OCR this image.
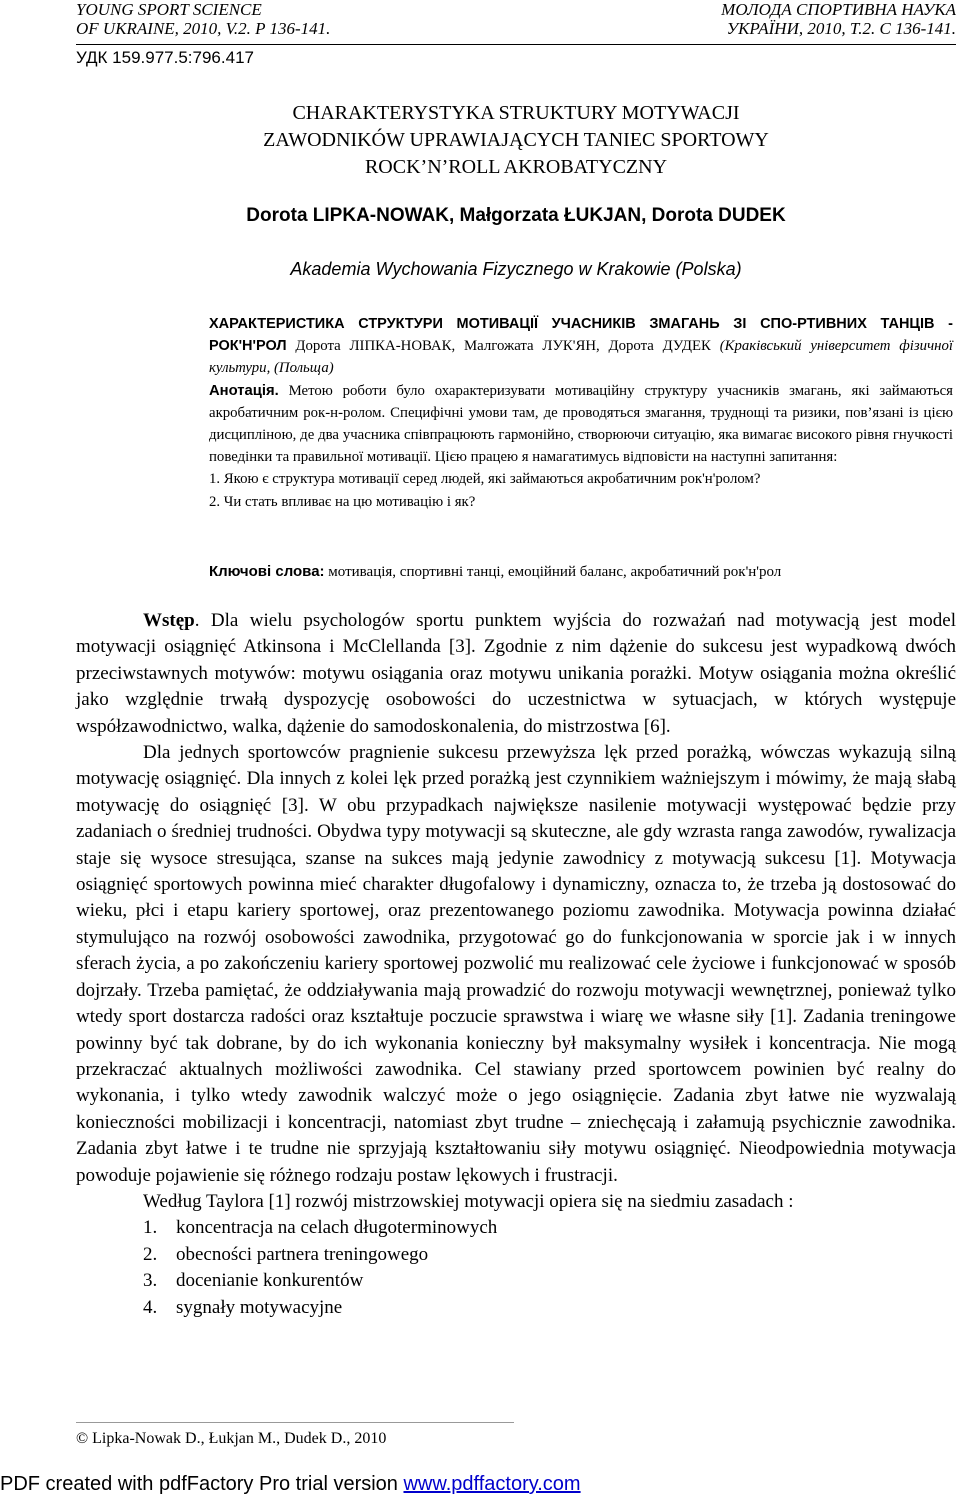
YOUNG SPORT SCIENCE
OF UKRAINE, 2010, V.2. P 136-141.
МОЛОДА СПОРТИВНА НАУКА
УКРАЇНИ, 2010, Т.2. С 136-141.
УДК 159.977.5:796.417
CHARAKTERYSTYKA STRUKTURY MOTYWACJI
ZAWODNIKÓW UPRAWIAJĄCYCH TANIEC SPORTOWY
ROCK’N’ROLL AKROBATYCZNY
Dorota LIPKA-NOWAK, Małgorzata ŁUKJAN, Dorota DUDEK
Akademia Wychowania Fizycznego w Krakowie (Polska)

ХАРАКТЕРИСТИКА СТРУКТУРИ МОТИВАЦІЇ УЧАСНИКІВ ЗМАГАНЬ ЗІ СПО-РТИВНИХ ТАНЦІВ - РОК'Н'РОЛ Дорота ЛІПКА-НОВАК, Малгожата ЛУК'ЯН, Дорота ДУДЕК (Краківський університет фізичної культури, (Польща)

Анотація. Метою роботи було охарактеризувати мотиваційну структуру учасників змагань, які займаються акробатичним рок-н-ролом. Специфічні умови там, де проводяться змагання, труднощі та ризики, пов’язані із цією дисципліною, де два учасника співпрацюють гармонійно, створюючи ситуацію, яка вимагає високого рівня гнучкості поведінки та правильної мотивації. Цією працею я намагатимусь відповісти на наступні запитання:

1. Якою є структура мотивації серед людей, які займаються акробатичним рок'н'ролом?

2. Чи стать впливає на цю мотивацію і як?

Ключові слова: мотивація, спортивні танці, емоційний баланс, акробатичний рок'н'рол

Wstęp. Dla wielu psychologów sportu punktem wyjścia do rozważań nad motywacją jest model motywacji osiągnięć Atkinsona i McClellanda [3]. Zgodnie z nim dążenie do sukcesu jest wypadkową dwóch przeciwstawnych motywów: motywu osiągania oraz motywu unikania porażki. Motyw osiągania można określić jako względnie trwałą dyspozycję osobowości do uczestnictwa w sytuacjach, w których występuje współzawodnictwo, walka, dążenie do samodoskonalenia, do mistrzostwa [6].

Dla jednych sportowców pragnienie sukcesu przewyższa lęk przed porażką, wówczas wykazują silną motywację osiągnięć. Dla innych z kolei lęk przed porażką jest czynnikiem ważniejszym i mówimy, że mają słabą motywację do osiągnięć [3]. W obu przypadkach największe nasilenie motywacji występować będzie przy zadaniach o średniej trudności. Obydwa typy motywacji są skuteczne, ale gdy wzrasta ranga zawodów, rywalizacja staje się wysoce stresująca, szanse na sukces mają jedynie zawodnicy z motywacją sukcesu [1]. Motywacja osiągnięć sportowych powinna mieć charakter długofalowy i dynamiczny, oznacza to, że trzeba ją dostosować do wieku, płci i etapu kariery sportowej, oraz prezentowanego poziomu zawodnika. Motywacja powinna działać stymulująco na rozwój osobowości zawodnika, przygotować go do funkcjonowania w sporcie jak i w innych sferach życia, a po zakończeniu kariery sportowej pozwolić mu realizować cele życiowe i funkcjonować w sposób dojrzały. Trzeba pamiętać, że oddziaływania mają prowadzić do rozwoju motywacji wewnętrznej, ponieważ tylko wtedy sport dostarcza radości oraz kształtuje poczucie sprawstwa i wiarę we własne siły [1]. Zadania treningowe powinny być tak dobrane, by do ich wykonania konieczny był maksymalny wysiłek i koncentracja. Nie mogą przekraczać aktualnych możliwości zawodnika. Cel stawiany przed sportowcem powinien być realny do wykonania, i tylko wtedy zawodnik walczyć może o jego osiągnięcie. Zadania zbyt łatwe nie wyzwalają konieczności mobilizacji i koncentracji, natomiast zbyt trudne – zniechęcają i załamują psychicznie zawodnika. Zadania zbyt łatwe i te trudne nie sprzyjają kształtowaniu siły motywu osiągnięć. Nieodpowiednia motywacja powoduje pojawienie się różnego rodzaju postaw lękowych i frustracji.

Według Taylora [1] rozwój mistrzowskiej motywacji opiera się na siedmiu zasadach :

1. koncentracja na celach długoterminowych
2. obecności partnera treningowego
3. docenianie konkurentów
4. sygnały motywacyjne
© Lipka-Nowak D., Łukjan M., Dudek D., 2010
PDF created with pdfFactory Pro trial version www.pdffactory.com
